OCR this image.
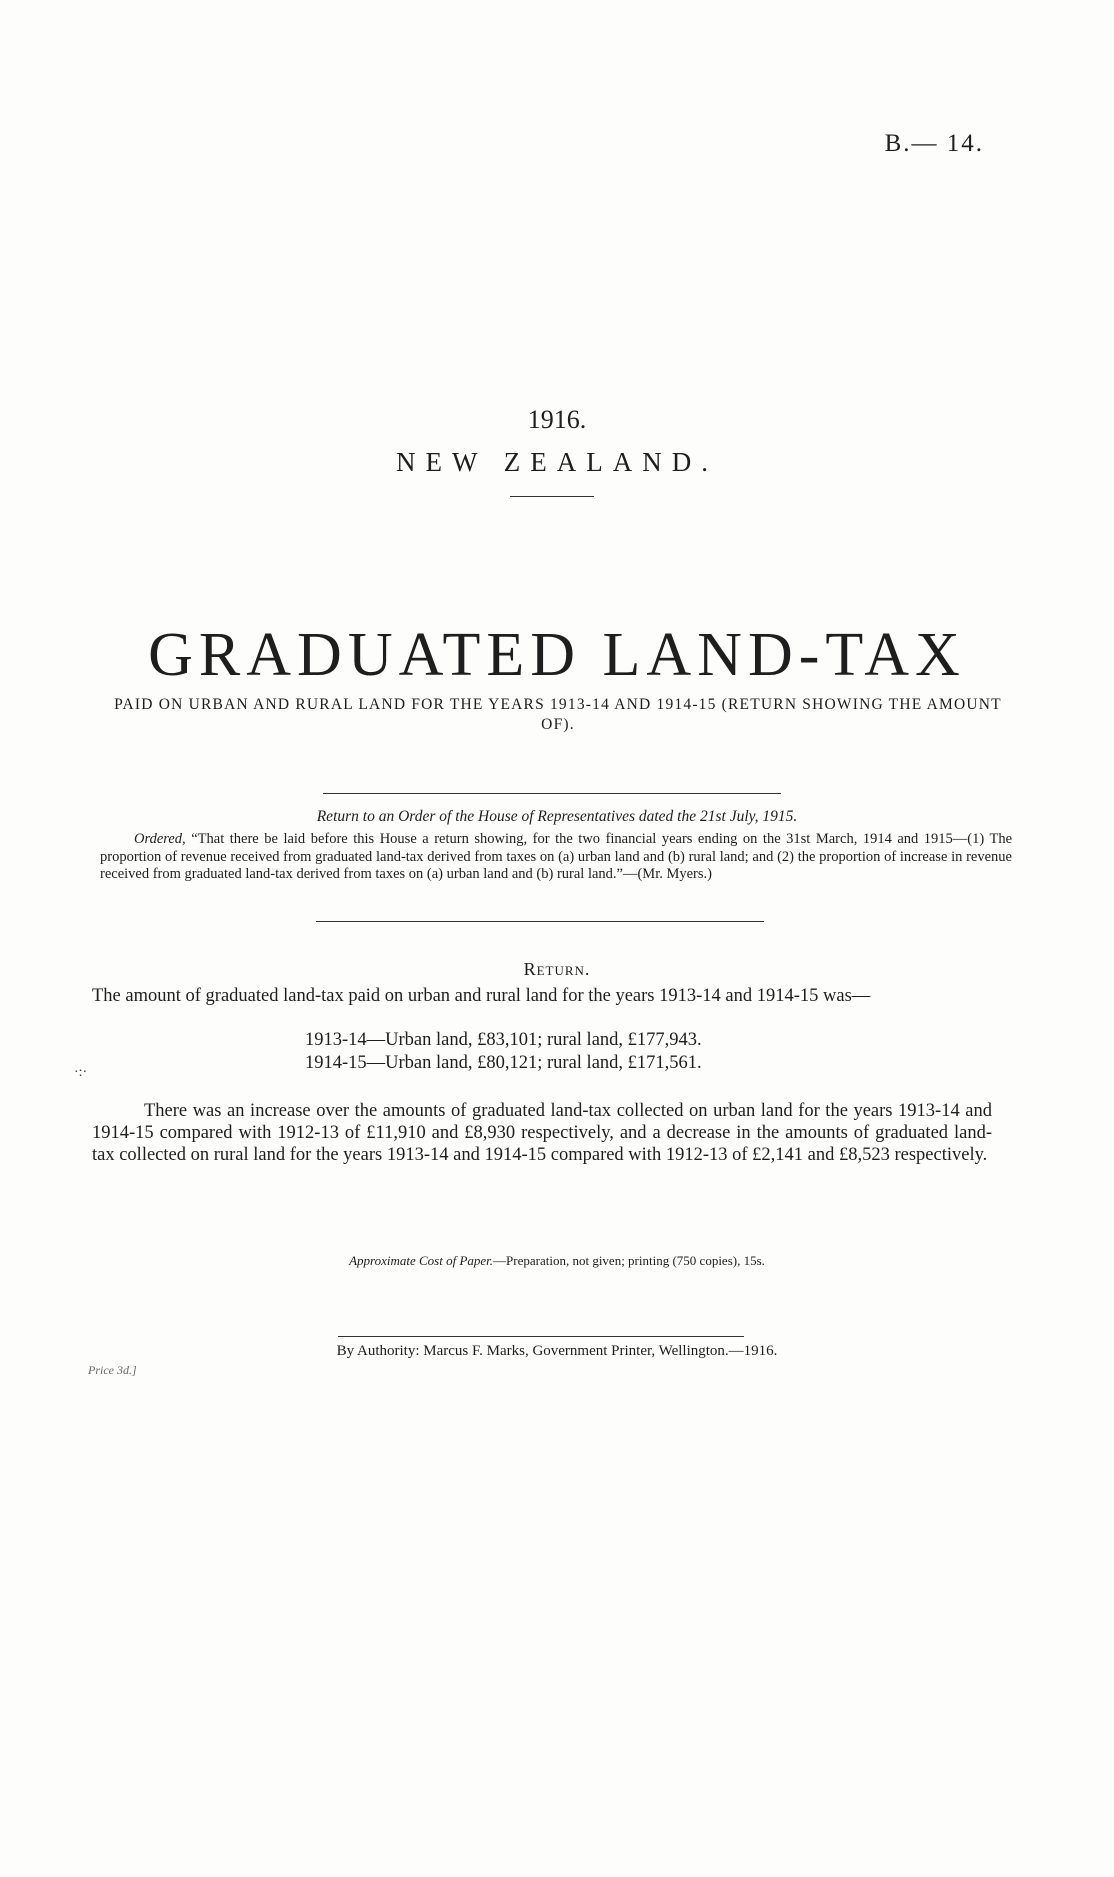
B.— 14.
1916.
NEW ZEALAND.
GRADUATED LAND-TAX
PAID ON URBAN AND RURAL LAND FOR THE YEARS 1913-14 AND 1914-15 (RETURN SHOWING THE AMOUNT OF).
Return to an Order of the House of Representatives dated the 21st July, 1915.
Ordered, “That there be laid before this House a return showing, for the two financial years ending on the 31st March, 1914 and 1915—(1) The proportion of revenue received from graduated land-tax derived from taxes on (a) urban land and (b) rural land; and (2) the proportion of increase in revenue received from graduated land-tax derived from taxes on (a) urban land and (b) rural land.”—(Mr. Myers.)
Return.
The amount of graduated land-tax paid on urban and rural land for the years 1913-14 and 1914-15 was—
1913-14—Urban land, £83,101; rural land, £177,943.
1914-15—Urban land, £80,121; rural land, £171,561.
·:·
There was an increase over the amounts of graduated land-tax collected on urban land for the years 1913-14 and 1914-15 compared with 1912-13 of £11,910 and £8,930 respectively, and a decrease in the amounts of graduated land-tax collected on rural land for the years 1913-14 and 1914-15 compared with 1912-13 of £2,141 and £8,523 respectively.
Approximate Cost of Paper.—Preparation, not given; printing (750 copies), 15s.
By Authority: Marcus F. Marks, Government Printer, Wellington.—1916.
Price 3d.]
